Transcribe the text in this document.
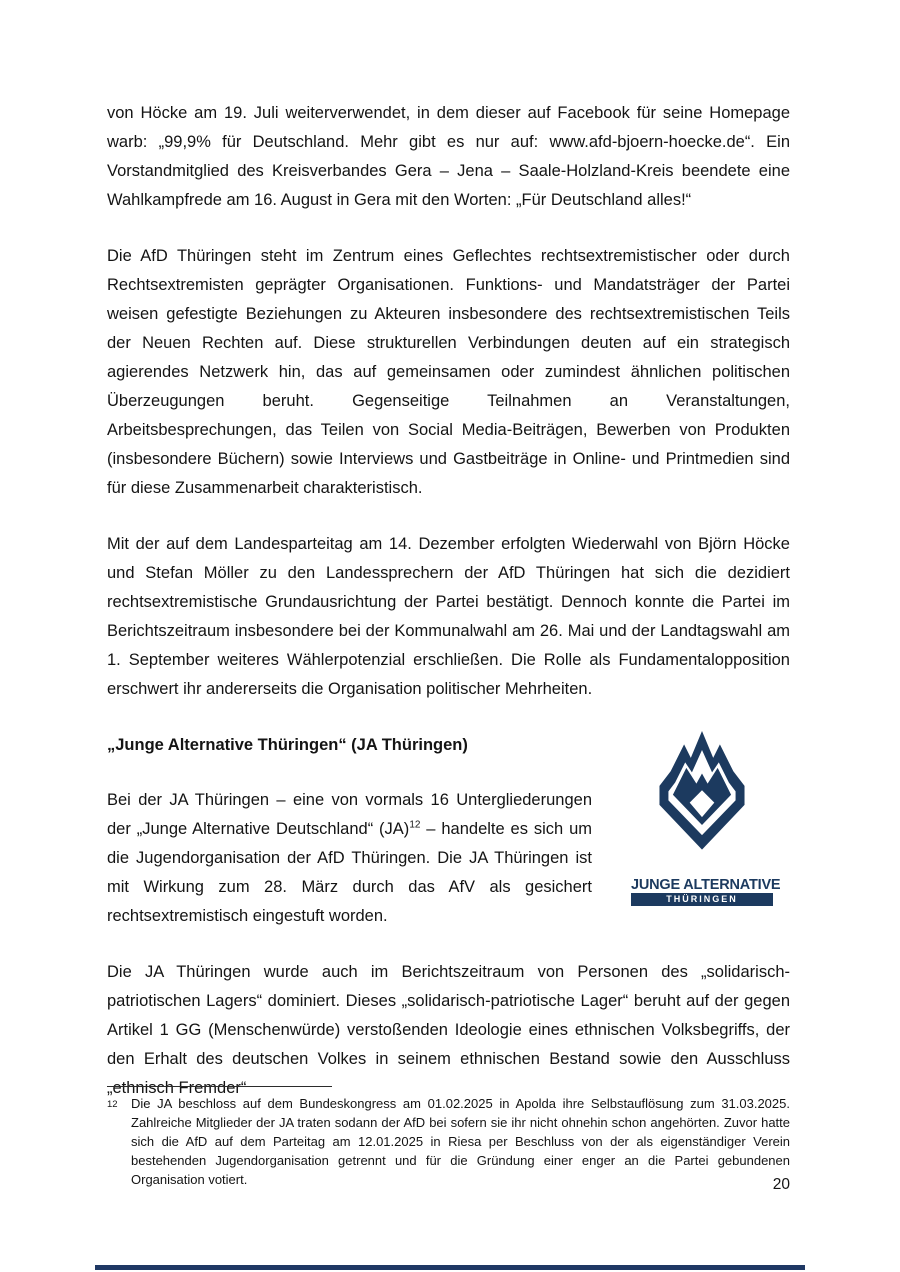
von Höcke am 19. Juli weiterverwendet, in dem dieser auf Facebook für seine Homepage warb: „99,9% für Deutschland. Mehr gibt es nur auf: www.afd-bjoern-hoecke.de“. Ein Vorstandmitglied des Kreisverbandes Gera – Jena – Saale-Holzland-Kreis beendete eine Wahlkampfrede am 16. August in Gera mit den Worten: „Für Deutschland alles!“

Die AfD Thüringen steht im Zentrum eines Geflechtes rechtsextremistischer oder durch Rechtsextremisten geprägter Organisationen. Funktions- und Mandatsträger der Partei weisen gefestigte Beziehungen zu Akteuren insbesondere des rechtsextremistischen Teils der Neuen Rechten auf. Diese strukturellen Verbindungen deuten auf ein strategisch agierendes Netzwerk hin, das auf gemeinsamen oder zumindest ähnlichen politischen Überzeugungen beruht. Gegenseitige Teilnahmen an Veranstaltungen, Arbeitsbesprechungen, das Teilen von Social Media-Beiträgen, Bewerben von Produkten (insbesondere Büchern) sowie Interviews und Gastbeiträge in Online- und Printmedien sind für diese Zusammenarbeit charakteristisch.

Mit der auf dem Landesparteitag am 14. Dezember erfolgten Wiederwahl von Björn Höcke und Stefan Möller zu den Landessprechern der AfD Thüringen hat sich die dezidiert rechtsextremistische Grundausrichtung der Partei bestätigt. Dennoch konnte die Partei im Berichtszeitraum insbesondere bei der Kommunalwahl am 26. Mai und der Landtagswahl am 1. September weiteres Wählerpotenzial erschließen. Die Rolle als Fundamentalopposition erschwert ihr andererseits die Organisation politischer Mehrheiten.

JUNGE ALTERNATIVE
THÜRINGEN
„Junge Alternative Thüringen“ (JA Thüringen)

Bei der JA Thüringen – eine von vormals 16 Untergliederungen der „Junge Alternative Deutschland“ (JA)$^{12}$ – handelte es sich um die Jugendorganisation der AfD Thüringen. Die JA Thüringen ist mit Wirkung zum 28. März durch das AfV als gesichert rechtsextremistisch eingestuft worden.

Die JA Thüringen wurde auch im Berichtszeitraum von Personen des „solidarisch-patriotischen Lagers“ dominiert. Dieses „solidarisch-patriotische Lager“ beruht auf der gegen Artikel 1 GG (Menschenwürde) verstoßenden Ideologie eines ethnischen Volksbegriffs, der den Erhalt des deutschen Volkes in seinem ethnischen Bestand sowie den Ausschluss „ethnisch Fremder“

12	Die JA beschloss auf dem Bundeskongress am 01.02.2025 in Apolda ihre Selbstauflösung zum 31.03.2025. Zahlreiche Mitglieder der JA traten sodann der AfD bei sofern sie ihr nicht ohnehin schon angehörten. Zuvor hatte sich die AfD auf dem Parteitag am 12.01.2025 in Riesa per Beschluss von der als eigenständiger Verein bestehenden Jugendorganisation getrennt und für die Gründung einer enger an die Partei gebundenen Organisation votiert.	20
